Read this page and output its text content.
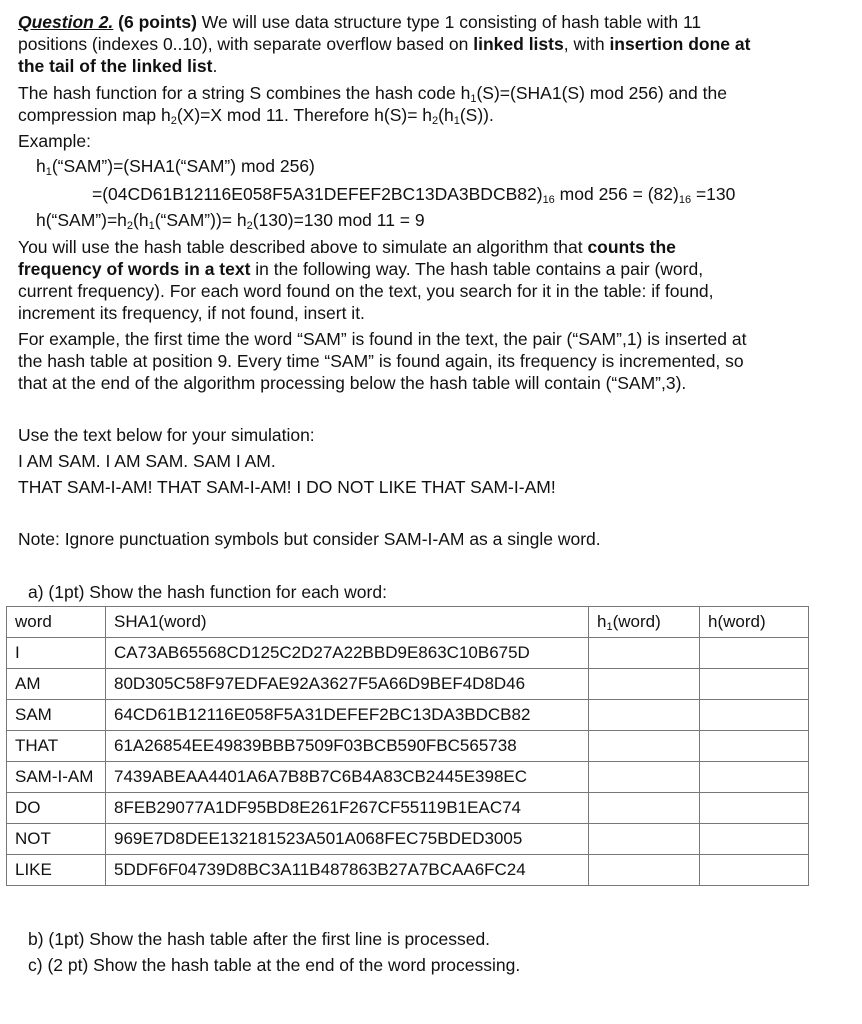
Question 2. (6 points) We will use data structure type 1 consisting of hash table with 11
positions (indexes 0..10), with separate overflow based on linked lists, with insertion done at
the tail of the linked list.
The hash function for a string S combines the hash code $h_1(S)=(SHA1(S)$ mod 256) and the
compression map $h_2(X)=X$ mod 11. Therefore $h(S)= h_2(h_1(S))$.
Example:
$h_1(“SAM”)=(SHA1(“SAM”)$ mod 256)
$=(04CD61B12116E058F5A31DEFEF2BC13DA3BDCB82)_{16}$ mod $256 = (82)_{16} =130$
$h(“SAM”)=h_2(h_1(“SAM”))= h_2(130)=130$ mod 11 = 9
You will use the hash table described above to simulate an algorithm that counts the
frequency of words in a text in the following way. The hash table contains a pair (word,
current frequency). For each word found on the text, you search for it in the table: if found,
increment its frequency, if not found, insert it.
For example, the first time the word “SAM” is found in the text, the pair (“SAM”,1) is inserted at
the hash table at position 9. Every time “SAM” is found again, its frequency is incremented, so
that at the end of the algorithm processing below the hash table will contain (“SAM”,3).
Use the text below for your simulation:
I AM SAM. I AM SAM. SAM I AM.
THAT SAM-I-AM! THAT SAM-I-AM! I DO NOT LIKE THAT SAM-I-AM!
Note: Ignore punctuation symbols but consider SAM-I-AM as a single word.
a) (1pt) Show the hash function for each word:
word	SHA1(word)	$h_1(word)$	h(word)
I	CA73AB65568CD125C2D27A22BBD9E863C10B675D		
AM	80D305C58F97EDFAE92A3627F5A66D9BEF4D8D46		
SAM	64CD61B12116E058F5A31DEFEF2BC13DA3BDCB82		
THAT	61A26854EE49839BBB7509F03BCB590FBC565738		
SAM-I-AM	7439ABEAA4401A6A7B8B7C6B4A83CB2445E398EC		
DO	8FEB29077A1DF95BD8E261F267CF55119B1EAC74		
NOT	969E7D8DEE132181523A501A068FEC75BDED3005		
LIKE	5DDF6F04739D8BC3A11B487863B27A7BCAA6FC24		
b) (1pt) Show the hash table after the first line is processed.
c) (2 pt) Show the hash table at the end of the word processing.
